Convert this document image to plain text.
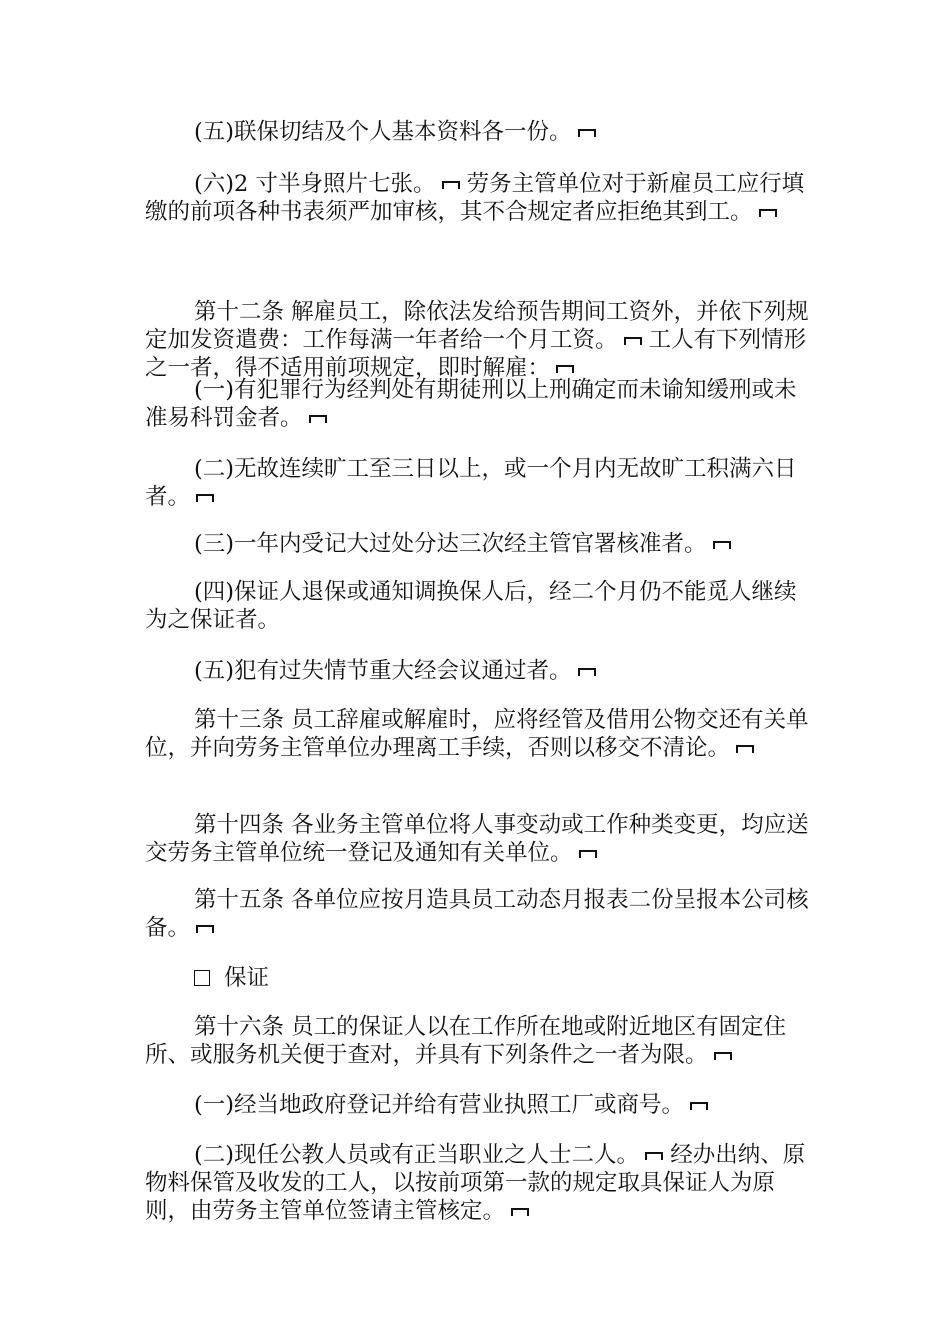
(五)联保切结及个人基本资料各一份。

(六)2 寸半身照片七张。 劳务主管单位对于新雇员工应行填缴的前项各种书表须严加审核，其不合规定者应拒绝其到工。

第十二条 解雇员工，除依法发给预告期间工资外，并依下列规定加发资遣费：工作每满一年者给一个月工资。 工人有下列情形之一者，得不适用前项规定，即时解雇：

(一)有犯罪行为经判处有期徒刑以上刑确定而未谕知缓刑或未准易科罚金者。

(二)无故连续旷工至三日以上，或一个月内无故旷工积满六日者。

(三)一年内受记大过处分达三次经主管官署核准者。

(四)保证人退保或通知调换保人后，经二个月仍不能觅人继续为之保证者。

(五)犯有过失情节重大经会议通过者。

第十三条 员工辞雇或解雇时，应将经管及借用公物交还有关单位，并向劳务主管单位办理离工手续，否则以移交不清论。

第十四条 各业务主管单位将人事变动或工作种类变更，均应送交劳务主管单位统一登记及通知有关单位。

第十五条 各单位应按月造具员工动态月报表二份呈报本公司核备。

保证

第十六条 员工的保证人以在工作所在地或附近地区有固定住所、或服务机关便于查对，并具有下列条件之一者为限。

(一)经当地政府登记并给有营业执照工厂或商号。

(二)现任公教人员或有正当职业之人士二人。 经办出纳、原物料保管及收发的工人，以按前项第一款的规定取具保证人为原则，由劳务主管单位签请主管核定。
